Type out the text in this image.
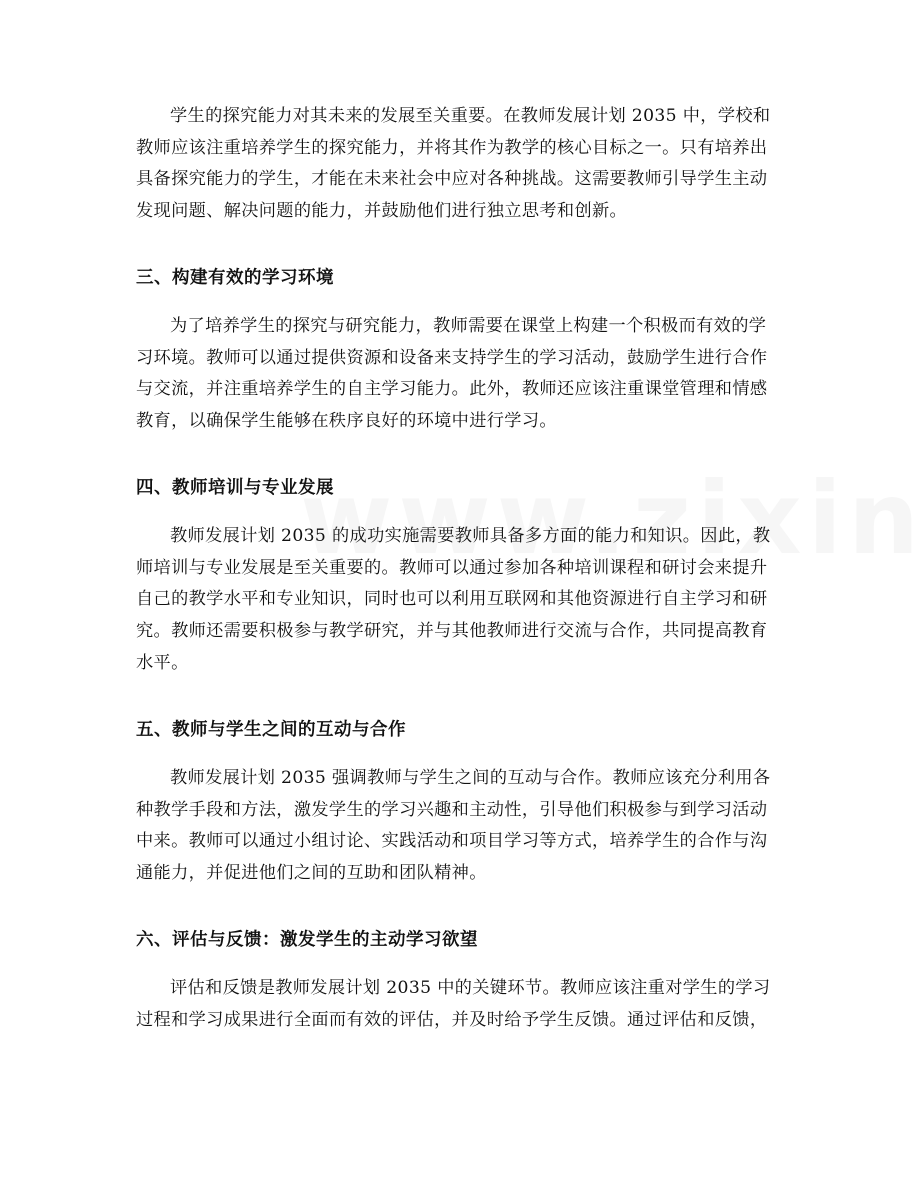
学生的探究能力对其未来的发展至关重要。在教师发展计划 2035 中，学校和
教师应该注重培养学生的探究能力，并将其作为教学的核心目标之一。只有培养出
具备探究能力的学生，才能在未来社会中应对各种挑战。这需要教师引导学生主动
发现问题、解决问题的能力，并鼓励他们进行独立思考和创新。
三、构建有效的学习环境
为了培养学生的探究与研究能力，教师需要在课堂上构建一个积极而有效的学
习环境。教师可以通过提供资源和设备来支持学生的学习活动，鼓励学生进行合作
与交流，并注重培养学生的自主学习能力。此外，教师还应该注重课堂管理和情感
教育，以确保学生能够在秩序良好的环境中进行学习。
四、教师培训与专业发展
教师发展计划 2035 的成功实施需要教师具备多方面的能力和知识。因此，教
师培训与专业发展是至关重要的。教师可以通过参加各种培训课程和研讨会来提升
自己的教学水平和专业知识，同时也可以利用互联网和其他资源进行自主学习和研
究。教师还需要积极参与教学研究，并与其他教师进行交流与合作，共同提高教育
水平。
五、教师与学生之间的互动与合作
教师发展计划 2035 强调教师与学生之间的互动与合作。教师应该充分利用各
种教学手段和方法，激发学生的学习兴趣和主动性，引导他们积极参与到学习活动
中来。教师可以通过小组讨论、实践活动和项目学习等方式，培养学生的合作与沟
通能力，并促进他们之间的互助和团队精神。
六、评估与反馈：激发学生的主动学习欲望
评估和反馈是教师发展计划 2035 中的关键环节。教师应该注重对学生的学习
过程和学习成果进行全面而有效的评估，并及时给予学生反馈。通过评估和反馈，
